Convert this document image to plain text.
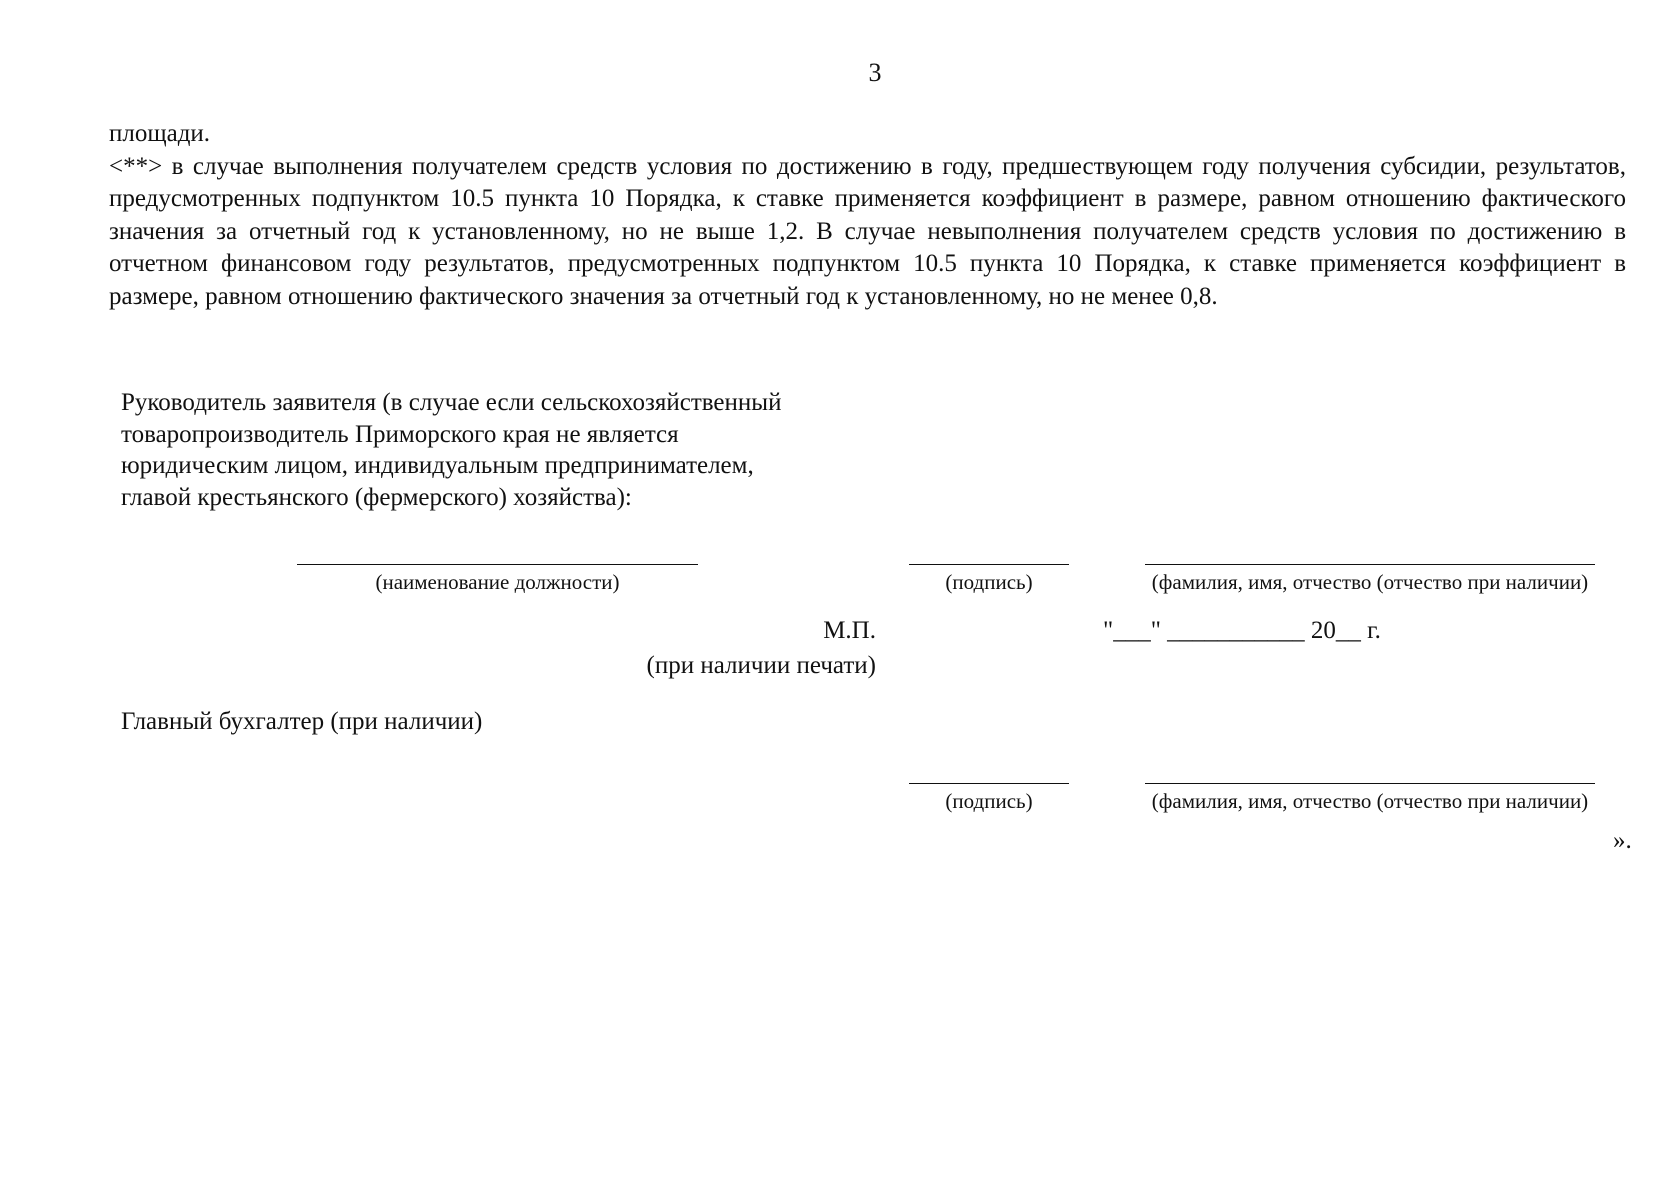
3

площади.

<**> в случае выполнения получателем средств условия по достижению в году, предшествующем году получения субсидии, результатов, предусмотренных подпунктом 10.5 пункта 10 Порядка, к ставке применяется коэффициент в размере, равном отношению фактического значения за отчетный год к установленному, но не выше 1,2. В случае невыполнения получателем средств условия по достижению в отчетном финансовом году результатов, предусмотренных подпунктом 10.5 пункта 10 Порядка, к ставке применяется коэффициент в размере, равном отношению фактического значения за отчетный год к установленному, но не менее 0,8.

Руководитель заявителя (в случае если сельскохозяйственный
товаропроизводитель Приморского края не является
юридическим лицом, индивидуальным предпринимателем,
главой крестьянского (фермерского) хозяйства):
(наименование должности)	(подпись)	(фамилия, имя, отчество (отчество при наличии)
М.П.
(при наличии печати)
"___" ___________ 20__ г.
Главный бухгалтер (при наличии)
(подпись)	(фамилия, имя, отчество (отчество при наличии)
».
